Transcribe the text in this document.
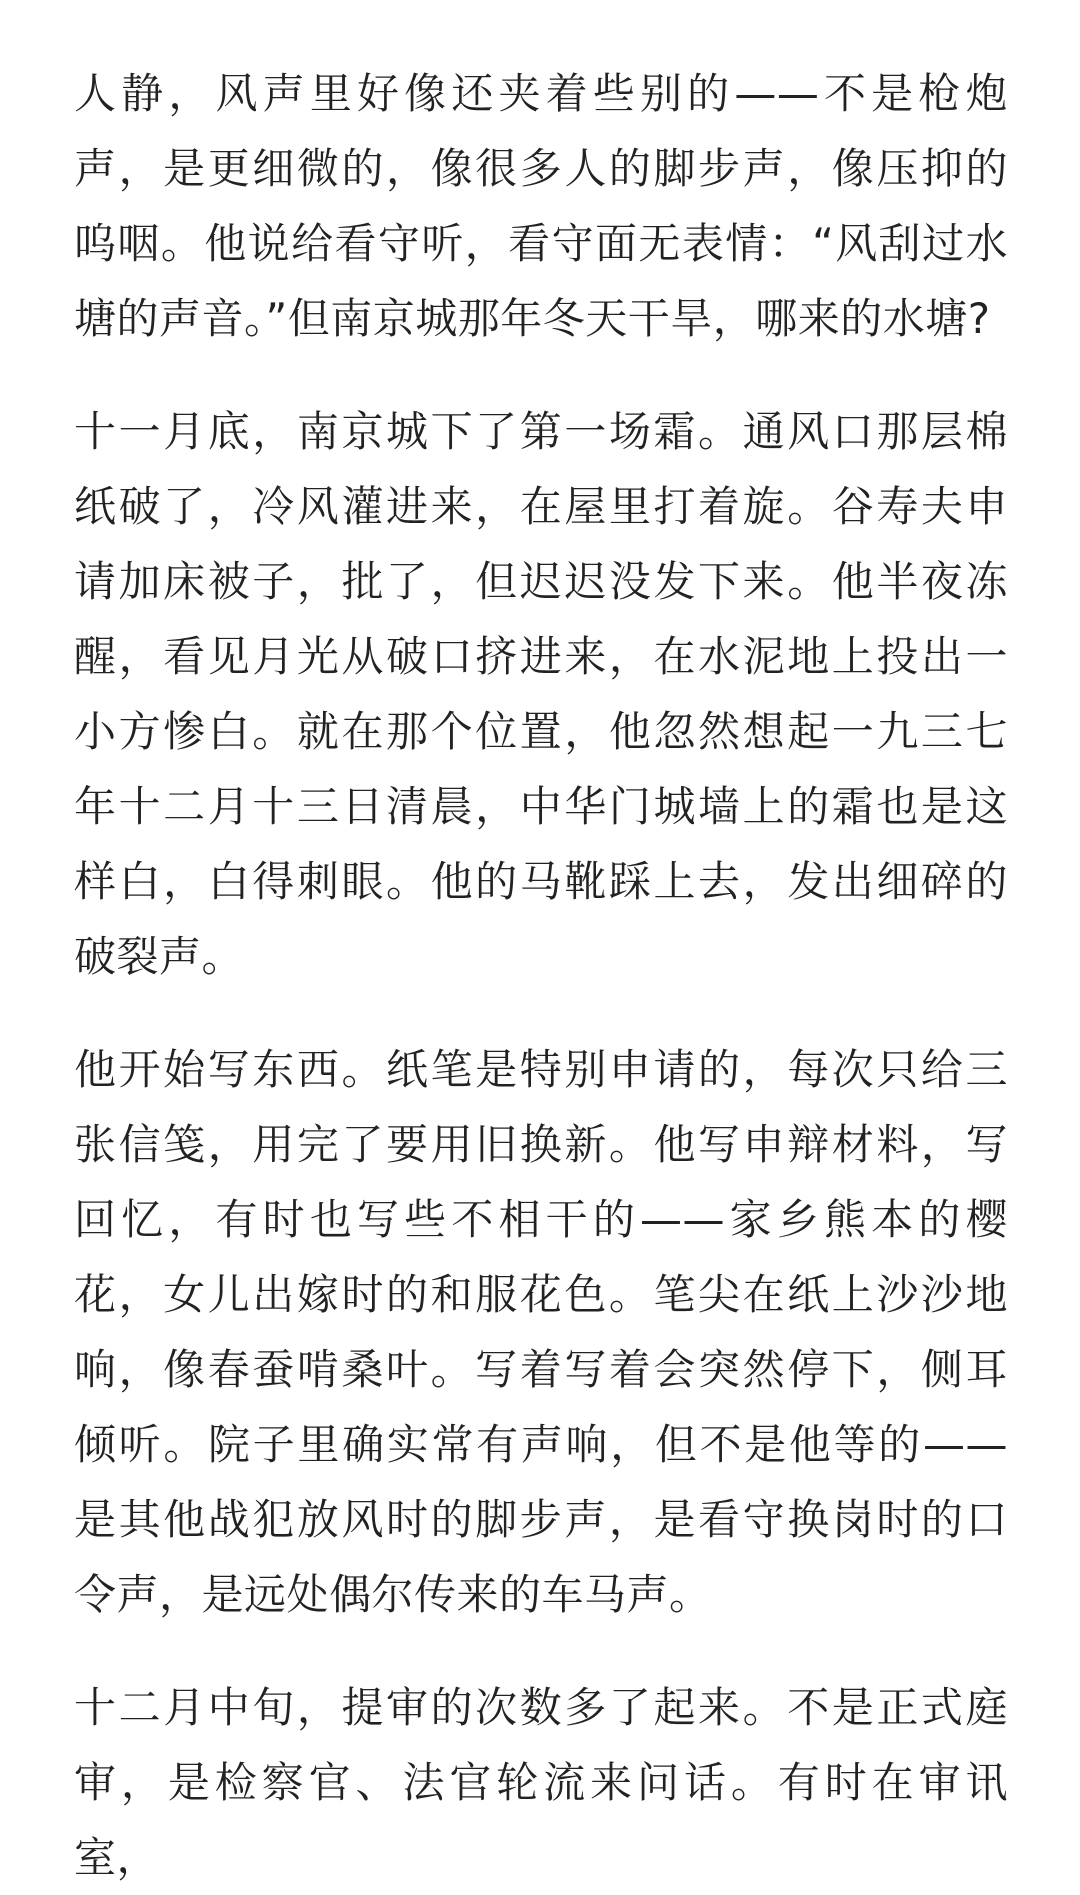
人静，风声里好像还夹着些别的——不是枪炮声，是更细微的，像很多人的脚步声，像压抑的呜咽。他说给看守听，看守面无表情：“风刮过水塘的声音。”但南京城那年冬天干旱，哪来的水塘?

十一月底，南京城下了第一场霜。通风口那层棉纸破了，冷风灌进来，在屋里打着旋。谷寿夫申请加床被子，批了，但迟迟没发下来。他半夜冻醒，看见月光从破口挤进来，在水泥地上投出一小方惨白。就在那个位置，他忽然想起一九三七年十二月十三日清晨，中华门城墙上的霜也是这样白，白得刺眼。他的马靴踩上去，发出细碎的破裂声。

他开始写东西。纸笔是特别申请的，每次只给三张信笺，用完了要用旧换新。他写申辩材料，写回忆，有时也写些不相干的——家乡熊本的樱花，女儿出嫁时的和服花色。笔尖在纸上沙沙地响，像春蚕啃桑叶。写着写着会突然停下，侧耳倾听。院子里确实常有声响，但不是他等的——是其他战犯放风时的脚步声，是看守换岗时的口令声，是远处偶尔传来的车马声。

十二月中旬，提审的次数多了起来。不是正式庭审，是检察官、法官轮流来问话。有时在审讯室，
